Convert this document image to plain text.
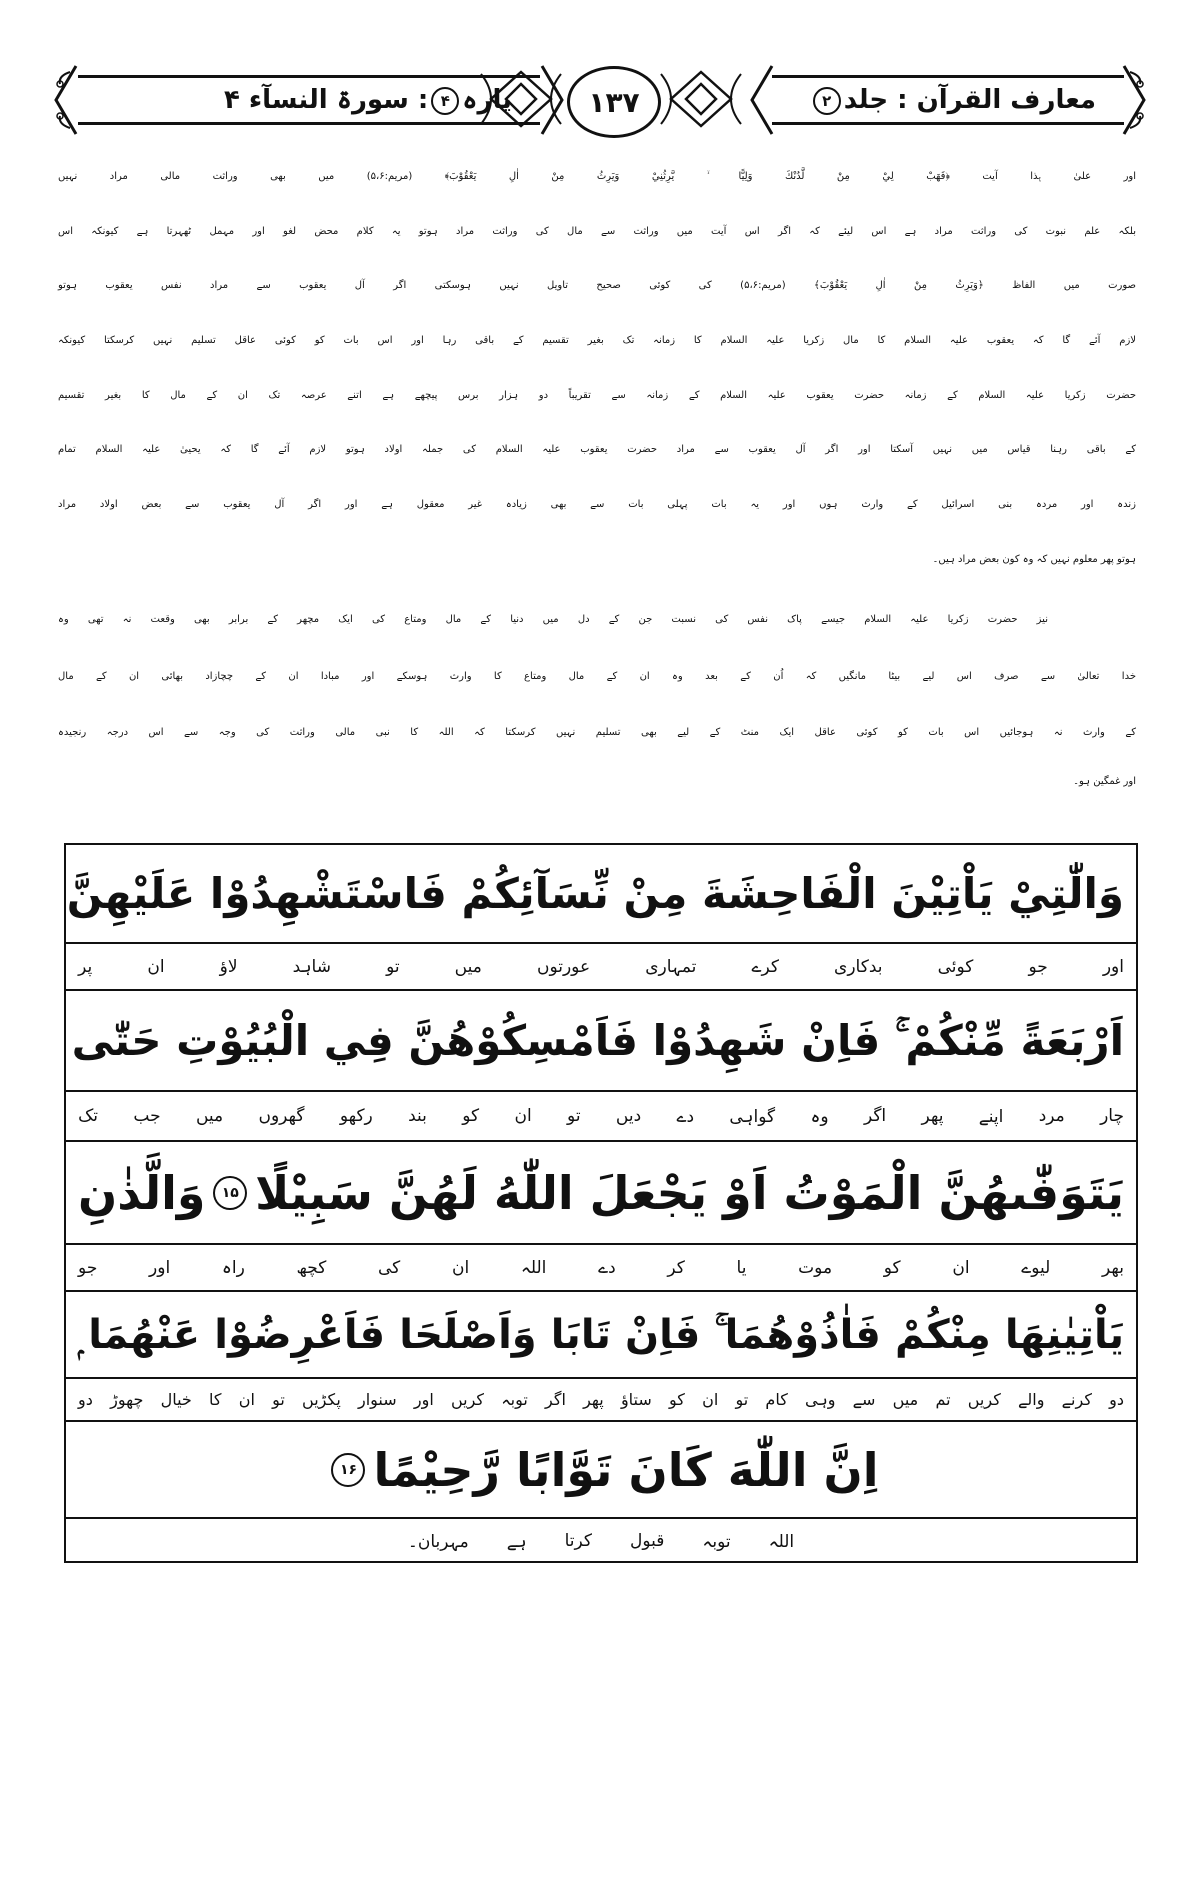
پارہ۴: سورۃ النسآء ۴	۱۳۷	معارف القرآن : جلد۲
اور علیٰ ہذا آیت ﴿فَهَبْ لِيْ مِنْ لَّدُنْكَ وَلِيًّا ۙ يَّرِثُنِيْ وَيَرِثُ مِنْ اٰلِ يَعْقُوْبَ﴾ (مریم:۵،۶) میں بھی وراثت مالی مراد نہیں
بلکہ علم نبوت کی وراثت مراد ہے اس لیئے کہ اگر اس آیت میں وراثت سے مال کی وراثت مراد ہوتو یہ کلام محض لغو اور مہمل ٹھہرتا ہے کیونکہ اس
صورت میں الفاظ ﴿وَيَرِثُ مِنْ اٰلِ يَعْقُوْبَ﴾ (مریم:۵،۶) کی کوئی صحیح تاویل نہیں ہوسکتی اگر آل یعقوب سے مراد نفس یعقوب ہوتو
لازم آئے گا کہ یعقوب علیہ السلام کا مال زکریا علیہ السلام کا زمانہ تک بغیر تقسیم کے باقی رہا اور اس بات کو کوئی عاقل تسلیم نہیں کرسکتا کیونکہ
حضرت زکریا علیہ السلام کے زمانہ حضرت یعقوب علیہ السلام کے زمانہ سے تقریباً دو ہزار برس پیچھے ہے اتنے عرصہ تک ان کے مال کا بغیر تقسیم
کے باقی رہنا قیاس میں نہیں آسکتا اور اگر آل یعقوب سے مراد حضرت یعقوب علیہ السلام کی جملہ اولاد ہوتو لازم آئے گا کہ یحییٰ علیہ السلام تمام
زندہ اور مردہ بنی اسرائیل کے وارث ہوں اور یہ بات پہلی بات سے بھی زیادہ غیر معقول ہے اور اگر آل یعقوب سے بعض اولاد مراد
ہوتو پھر معلوم نہیں کہ وہ کون بعض مراد ہیں۔
نیز حضرت زکریا علیہ السلام جیسے پاک نفس کی نسبت جن کے دل میں دنیا کے مال ومتاع کی ایک مچھر کے برابر بھی وقعت نہ تھی وہ
خدا تعالیٰ سے صرف اس لیے بیٹا مانگیں کہ اُن کے بعد وہ ان کے مال ومتاع کا وارث ہوسکے اور مبادا ان کے چچازاد بھائی ان کے مال
کے وارث نہ ہوجائیں اس بات کو کوئی عاقل ایک منٹ کے لیے بھی تسلیم نہیں کرسکتا کہ اللہ کا نبی مالی وراثت کی وجہ سے اس درجہ رنجیدہ
اور غمگین ہو۔
وَالّٰتِيْ يَاْتِيْنَ الْفَاحِشَةَ مِنْ نِّسَآئِكُمْ فَاسْتَشْهِدُوْا عَلَيْهِنَّ
اور
جو
کوئی
بدکاری
کرے
تمہاری
عورتوں
میں
تو
شاہد
لاؤ
ان
پر
اَرْبَعَةً مِّنْكُمْ ۚ فَاِنْ شَهِدُوْا فَاَمْسِكُوْهُنَّ فِي الْبُيُوْتِ حَتّٰى
چار
مرد
اپنے
پھر
اگر
وہ
گواہی
دے
دیں
تو
ان
کو
بند
رکھو
گھروں
میں
جب
تک
يَتَوَفّٰىهُنَّ الْمَوْتُ اَوْ يَجْعَلَ اللّٰهُ لَهُنَّ سَبِيْلًا
۱۵
وَالَّذٰنِ
بھر
لیوے
ان
کو
موت
یا
کر
دے
اللہ
ان
کی
کچھ
راہ
اور
جو
يَاْتِيٰنِهَا مِنْكُمْ فَاٰذُوْهُمَا ۚ فَاِنْ تَابَا وَاَصْلَحَا فَاَعْرِضُوْا عَنْهُمَا ۭ
دو
کرنے
والے
کریں
تم
میں
سے
وہی
کام
تو
ان
کو
ستاؤ
پھر
اگر
توبہ
کریں
اور
سنوار
پکڑیں
تو
ان
کا
خیال
چھوڑ
دو
اِنَّ اللّٰهَ كَانَ تَوَّابًا رَّحِيْمًا
۱۶
اللہ
توبہ
قبول
کرتا
ہے
مہربان۔
